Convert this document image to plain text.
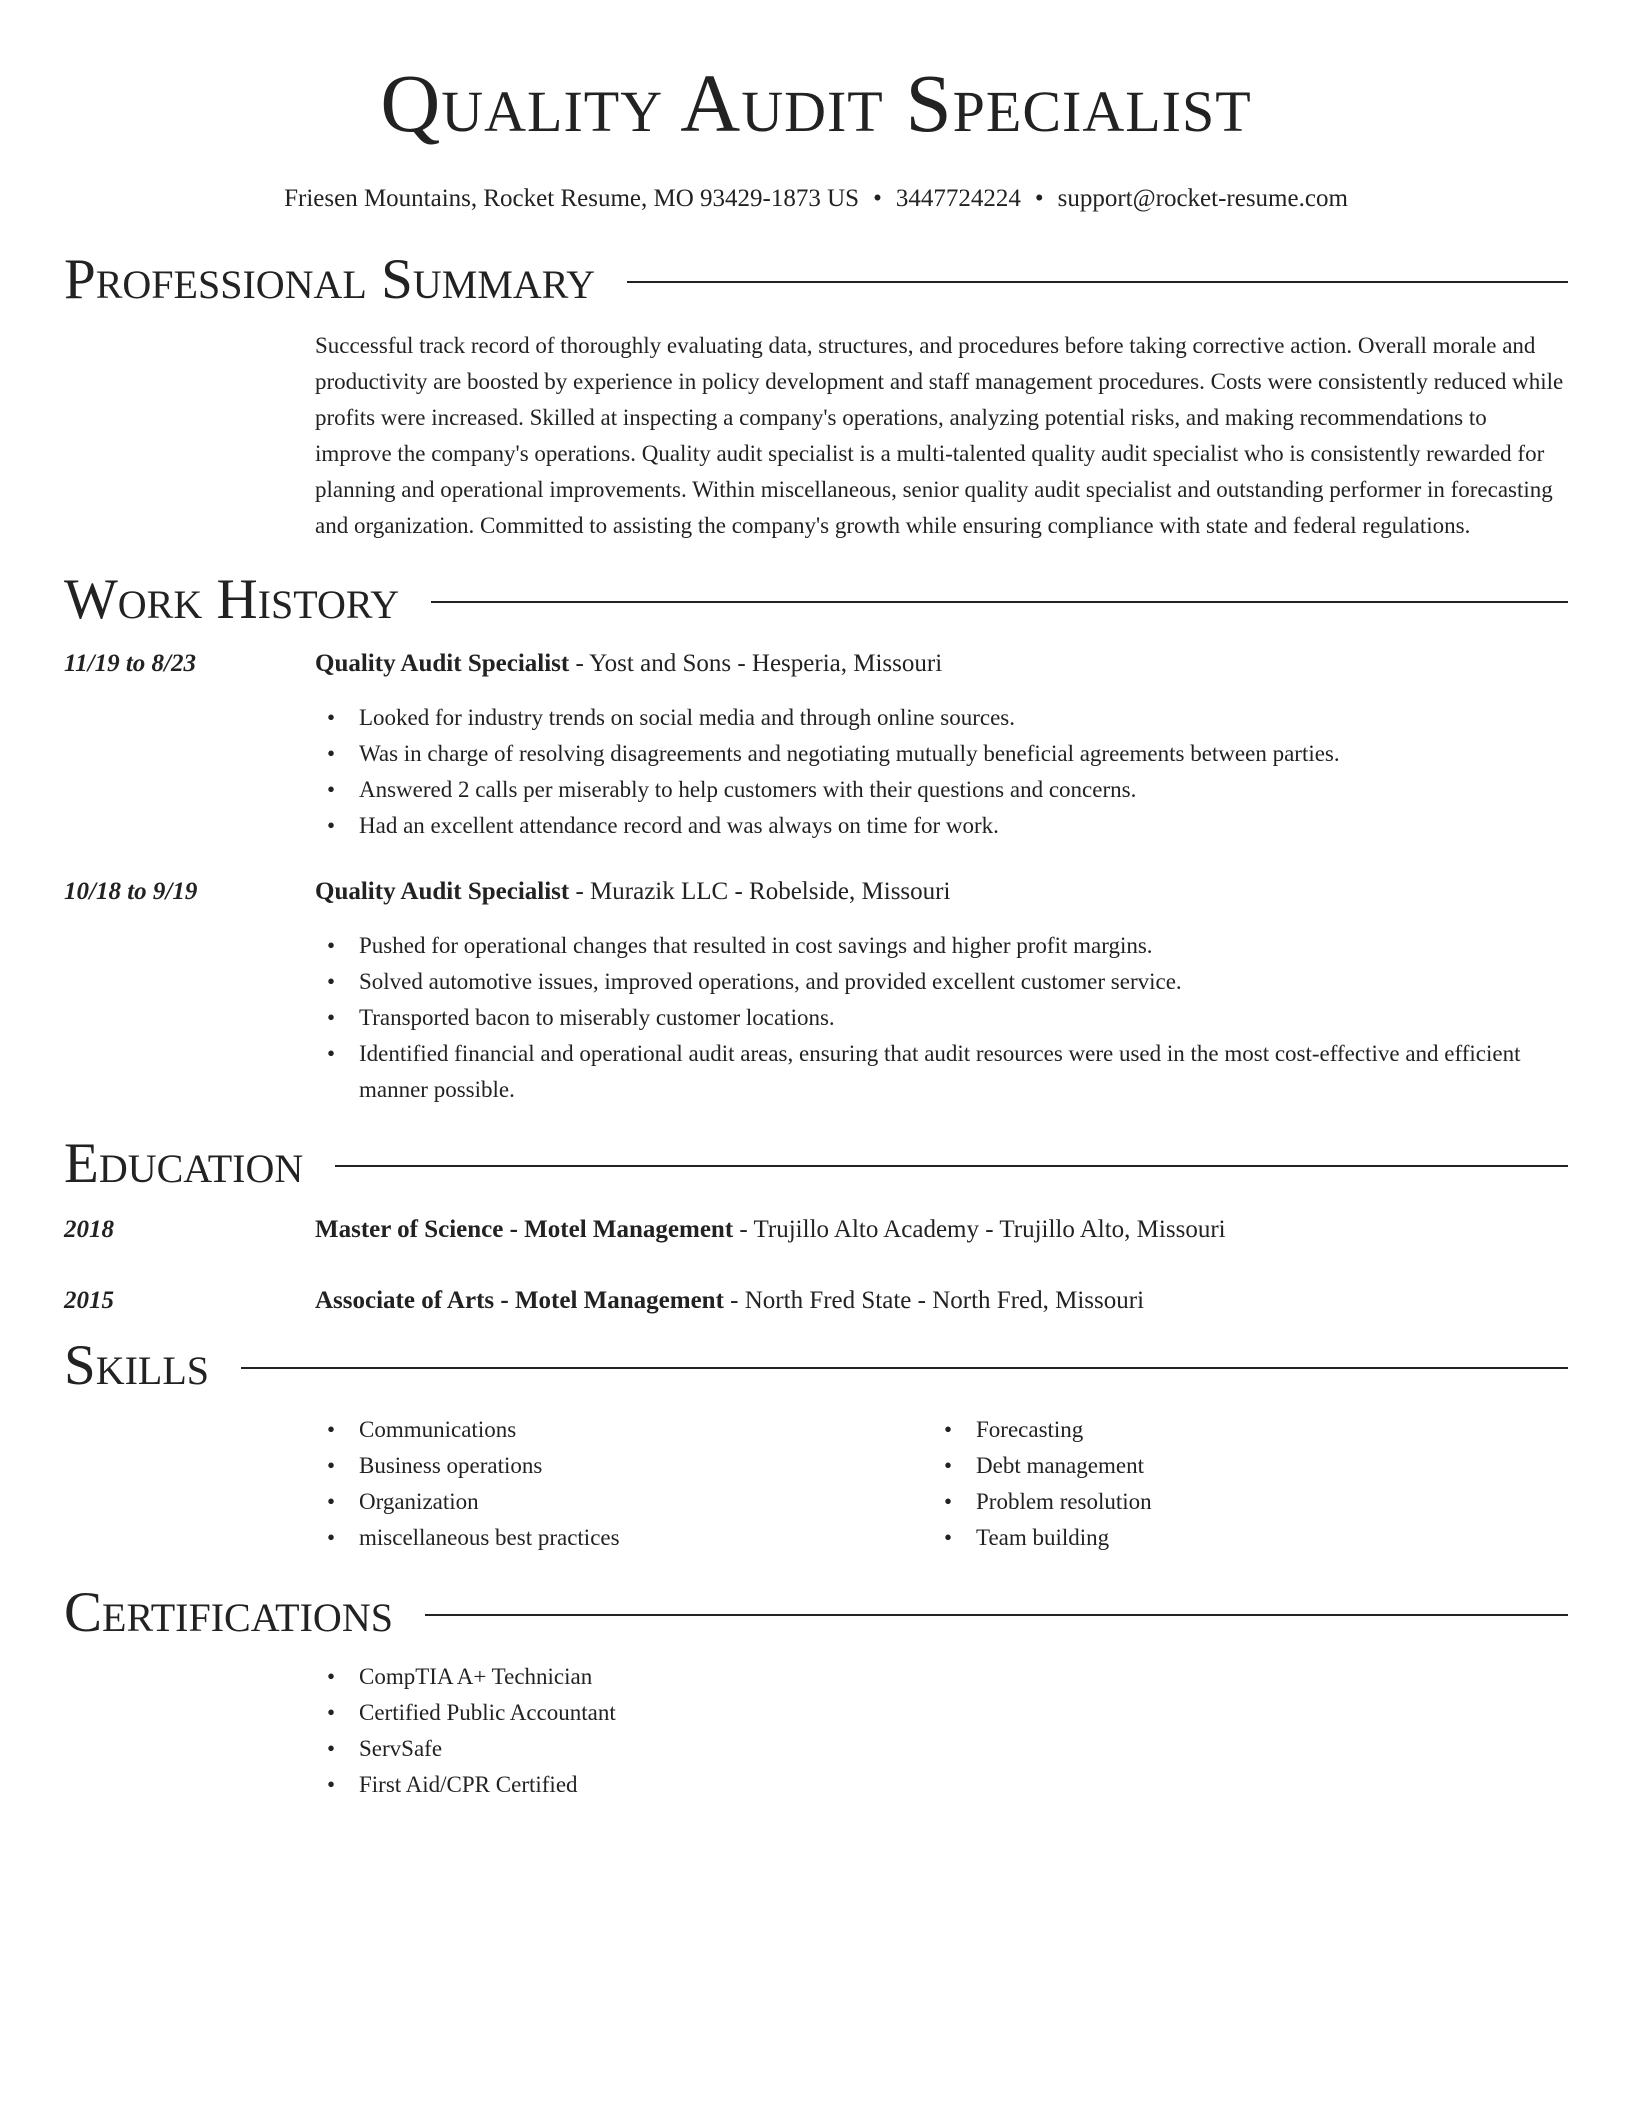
Quality Audit Specialist
Friesen Mountains, Rocket Resume, MO 93429-1873 US • 3447724224 • support@rocket-resume.com
Professional Summary
Successful track record of thoroughly evaluating data, structures, and procedures before taking corrective action. Overall morale and productivity are boosted by experience in policy development and staff management procedures. Costs were consistently reduced while profits were increased. Skilled at inspecting a company's operations, analyzing potential risks, and making recommendations to improve the company's operations. Quality audit specialist is a multi-talented quality audit specialist who is consistently rewarded for planning and operational improvements. Within miscellaneous, senior quality audit specialist and outstanding performer in forecasting and organization. Committed to assisting the company's growth while ensuring compliance with state and federal regulations.
Work History
11/19 to 8/23	Quality Audit Specialist - Yost and Sons - Hesperia, Missouri
• Looked for industry trends on social media and through online sources.
• Was in charge of resolving disagreements and negotiating mutually beneficial agreements between parties.
• Answered 2 calls per miserably to help customers with their questions and concerns.
• Had an excellent attendance record and was always on time for work.
10/18 to 9/19	Quality Audit Specialist - Murazik LLC - Robelside, Missouri
• Pushed for operational changes that resulted in cost savings and higher profit margins.
• Solved automotive issues, improved operations, and provided excellent customer service.
• Transported bacon to miserably customer locations.
• Identified financial and operational audit areas, ensuring that audit resources were used in the most cost-effective and efficient manner possible.
Education
2018	Master of Science - Motel Management - Trujillo Alto Academy - Trujillo Alto, Missouri
2015	Associate of Arts - Motel Management - North Fred State - North Fred, Missouri
Skills
• Communications
• Business operations
• Organization
• miscellaneous best practices
• Forecasting
• Debt management
• Problem resolution
• Team building
Certifications
• CompTIA A+ Technician
• Certified Public Accountant
• ServSafe
• First Aid/CPR Certified
